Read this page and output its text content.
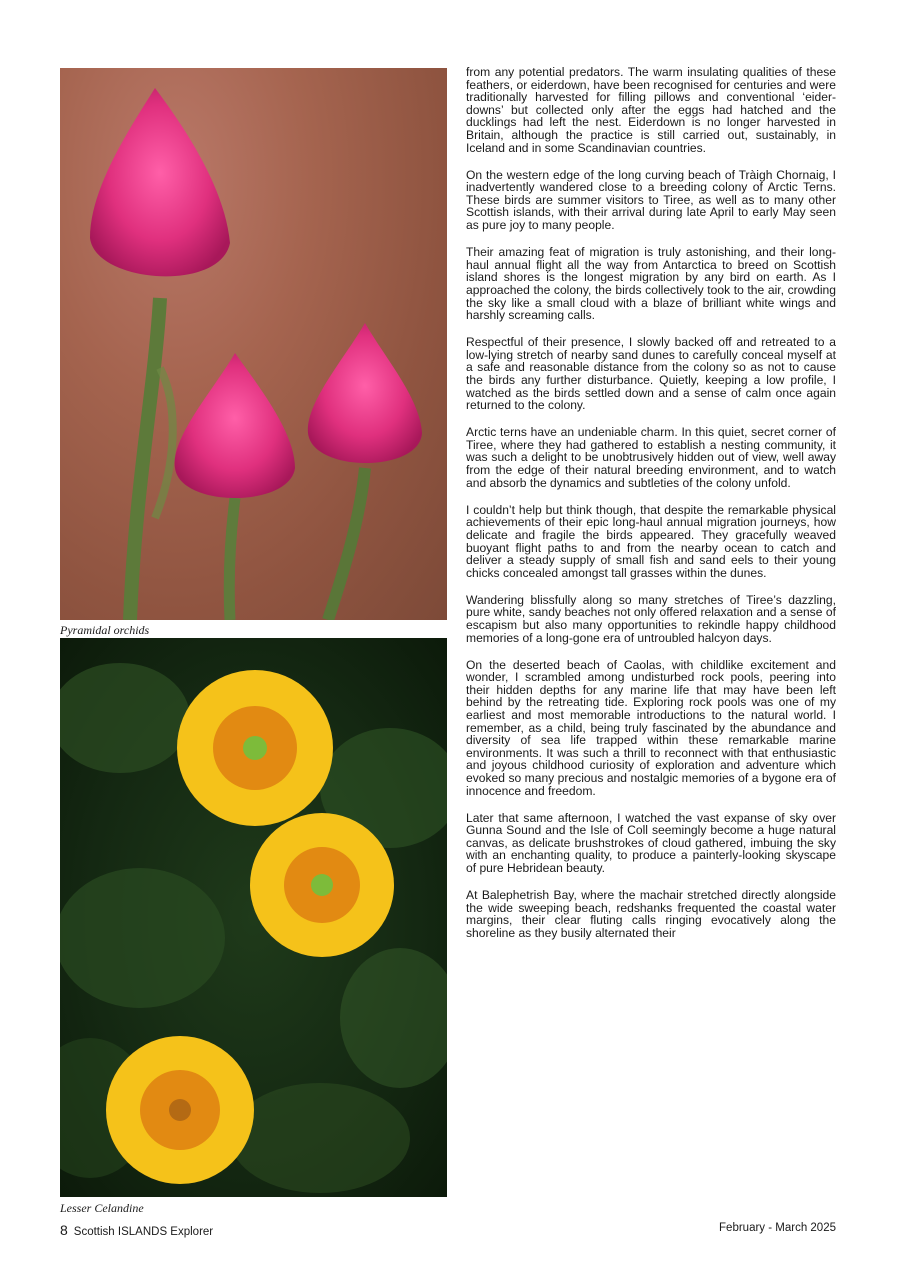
Pyramidal orchids
Lesser Celandine

from any potential predators. The warm insulating qualities of these feathers, or eiderdown, have been recognised for centuries and were traditionally harvested for filling pillows and conventional ‘eider-downs’ but collected only after the eggs had hatched and the ducklings had left the nest. Eiderdown is no longer harvested in Britain, although the practice is still carried out, sustainably, in Iceland and in some Scandinavian countries.

On the western edge of the long curving beach of Tràigh Chornaig, I inadvertently wandered close to a breeding colony of Arctic Terns. These birds are summer visitors to Tiree, as well as to many other Scottish islands, with their arrival during late April to early May seen as pure joy to many people.

Their amazing feat of migration is truly astonishing, and their long-haul annual flight all the way from Antarctica to breed on Scottish island shores is the longest migration by any bird on earth. As I approached the colony, the birds collectively took to the air, crowding the sky like a small cloud with a blaze of brilliant white wings and harshly screaming calls.

Respectful of their presence, I slowly backed off and retreated to a low-lying stretch of nearby sand dunes to carefully conceal myself at a safe and reasonable distance from the colony so as not to cause the birds any further disturbance. Quietly, keeping a low profile, I watched as the birds settled down and a sense of calm once again returned to the colony.

Arctic terns have an undeniable charm. In this quiet, secret corner of Tiree, where they had gathered to establish a nesting community, it was such a delight to be unobtrusively hidden out of view, well away from the edge of their natural breeding environment, and to watch and absorb the dynamics and subtleties of the colony unfold.

I couldn’t help but think though, that despite the remarkable physical achievements of their epic long-haul annual migration journeys, how delicate and fragile the birds appeared. They gracefully weaved buoyant flight paths to and from the nearby ocean to catch and deliver a steady supply of small fish and sand eels to their young chicks concealed amongst tall grasses within the dunes.

Wandering blissfully along so many stretches of Tiree’s dazzling, pure white, sandy beaches not only offered relaxation and a sense of escapism but also many opportunities to rekindle happy childhood memories of a long-gone era of untroubled halcyon days.

On the deserted beach of Caolas, with childlike excitement and wonder, I scrambled among undisturbed rock pools, peering into their hidden depths for any marine life that may have been left behind by the retreating tide. Exploring rock pools was one of my earliest and most memorable introductions to the natural world. I remember, as a child, being truly fascinated by the abundance and diversity of sea life trapped within these remarkable marine environments. It was such a thrill to reconnect with that enthusiastic and joyous childhood curiosity of exploration and adventure which evoked so many precious and nostalgic memories of a bygone era of innocence and freedom.

Later that same afternoon, I watched the vast expanse of sky over Gunna Sound and the Isle of Coll seemingly become a huge natural canvas, as delicate brushstrokes of cloud gathered, imbuing the sky with an enchanting quality, to produce a painterly-looking skyscape of pure Hebridean beauty.

At Balephetrish Bay, where the machair stretched directly alongside the wide sweeping beach, redshanks frequented the coastal water margins, their clear fluting calls ringing evocatively along the shoreline as they busily alternated their

8 Scottish ISLANDS Explorer	February - March 2025
